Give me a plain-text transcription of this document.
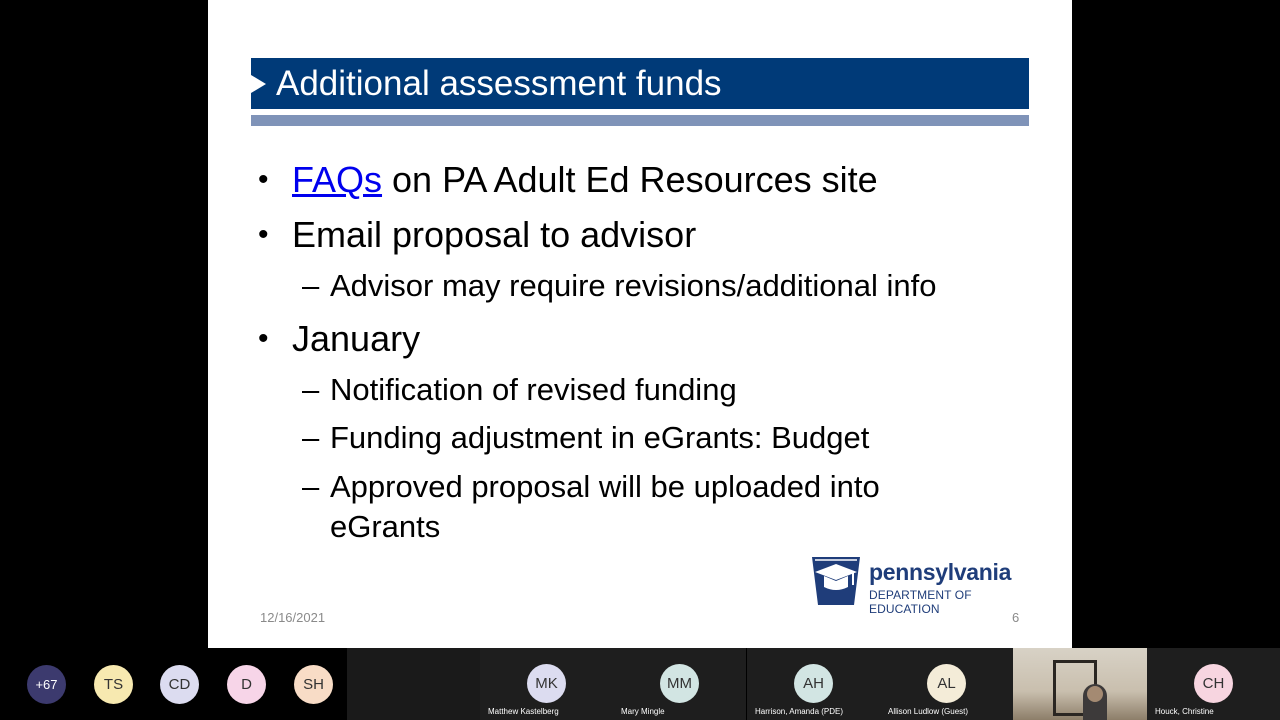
Additional assessment funds
• FAQs on PA Adult Ed Resources site
• Email proposal to advisor
– Advisor may require revisions/additional info
• January
– Notification of revised funding
– Funding adjustment in eGrants: Budget
– Approved proposal will be uploaded into
eGrants
pennsylvania
DEPARTMENT OF EDUCATION
12/16/2021	6
+67	TS	CD	D	SH	MK
Matthew Kastelberg
MM
Mary Mingle
AH
Harrison, Amanda (PDE)
AL
Allison Ludlow (Guest)
CH
Houck, Christine
